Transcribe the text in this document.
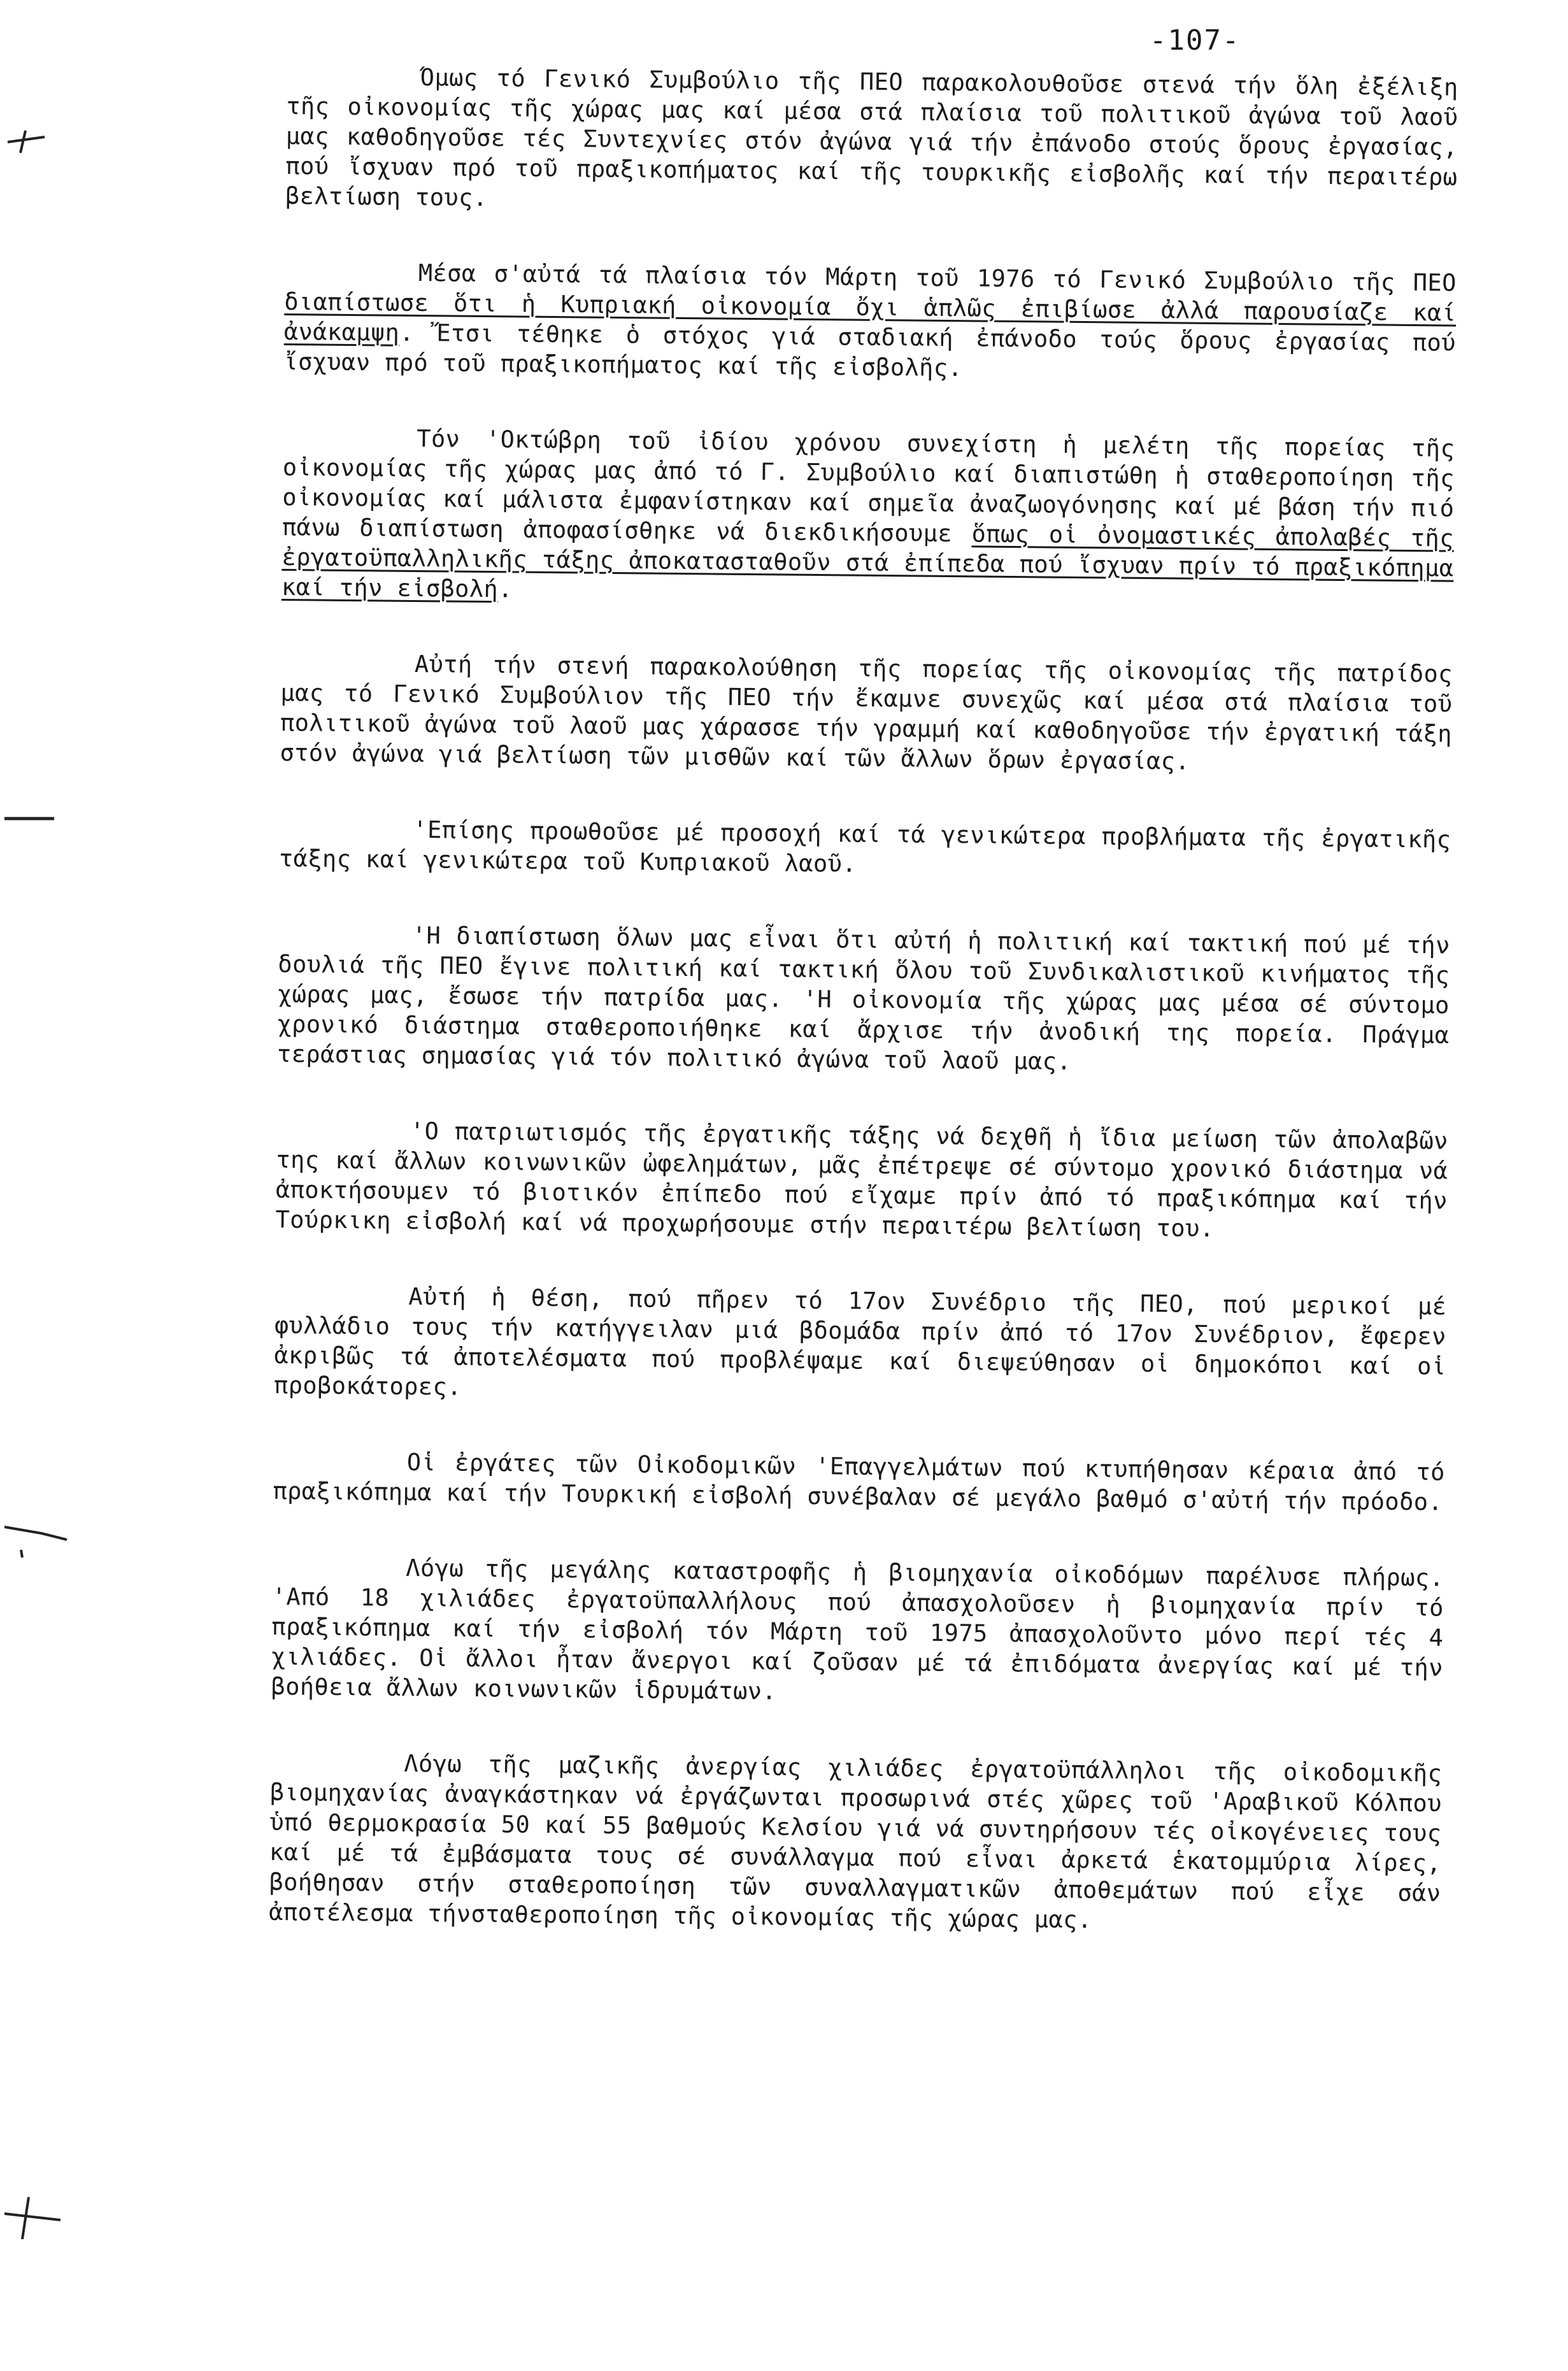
-107-

Όμως τό Γενικό Συμβούλιο τῆς ΠΕΟ παρακολουθοῦσε στενά τήν ὅλη ἐξέλιξη τῆς οἰκονομίας τῆς χώρας μας καί μέσα στά πλαίσια τοῦ πολιτικοῦ ἀγώνα τοῦ λαοῦ μας καθοδηγοῦσε τές Συντεχνίες στόν ἀγώνα γιά τήν ἐπάνοδο στούς ὅρους ἐργασίας, πού ἴσχυαν πρό τοῦ πραξικοπήματος καί τῆς τουρκικῆς εἰσβολῆς καί τήν περαιτέρω βελτίωση τους.

Μέσα σ'αὐτά τά πλαίσια τόν Μάρτη τοῦ 1976 τό Γενικό Συμβούλιο τῆς ΠΕΟ διαπίστωσε ὅτι ἡ Κυπριακή οἰκονομία ὄχι ἁπλῶς ἐπιβίωσε ἀλλά παρουσίαζε καί ἀνάκαμψη. Ἔτσι τέθηκε ὁ στόχος γιά σταδιακή ἐπάνοδο τούς ὅρους ἐργασίας πού ἴσχυαν πρό τοῦ πραξικοπήματος καί τῆς εἰσβολῆς.

Τόν 'Οκτώβρη τοῦ ἰδίου χρόνου συνεχίστη ἡ μελέτη τῆς πορείας τῆς οἰκονομίας τῆς χώρας μας ἀπό τό Γ. Συμβούλιο καί διαπιστώθη ἡ σταθεροποίηση τῆς οἰκονομίας καί μάλιστα ἐμφανίστηκαν καί σημεῖα ἀναζωογόνησης καί μέ βάση τήν πιό πάνω διαπίστωση ἀποφασίσθηκε νά διεκδικήσουμε ὅπως οἱ ὀνομαστικές ἀπολαβές τῆς ἐργατοϋπαλληλικῆς τάξης ἀποκατασταθοῦν στά ἐπίπεδα πού ἴσχυαν πρίν τό πραξικόπημα καί τήν εἰσβολή.

Αὐτή τήν στενή παρακολούθηση τῆς πορείας τῆς οἰκονομίας τῆς πατρίδος μας τό Γενικό Συμβούλιον τῆς ΠΕΟ τήν ἔκαμνε συνεχῶς καί μέσα στά πλαίσια τοῦ πολιτικοῦ ἀγώνα τοῦ λαοῦ μας χάρασσε τήν γραμμή καί καθοδηγοῦσε τήν ἐργατική τάξη στόν ἀγώνα γιά βελτίωση τῶν μισθῶν καί τῶν ἄλλων ὅρων ἐργασίας.

'Επίσης προωθοῦσε μέ προσοχή καί τά γενικώτερα προβλήματα τῆς ἐργατικῆς τάξης καί γενικώτερα τοῦ Κυπριακοῦ λαοῦ.

'Η διαπίστωση ὅλων μας εἶναι ὅτι αὐτή ἡ πολιτική καί τακτική πού μέ τήν δουλιά τῆς ΠΕΟ ἔγινε πολιτική καί τακτική ὅλου τοῦ Συνδικαλιστικοῦ κινήματος τῆς χώρας μας, ἔσωσε τήν πατρίδα μας. 'Η οἰκονομία τῆς χώρας μας μέσα σέ σύντομο χρονικό διάστημα σταθεροποιήθηκε καί ἄρχισε τήν ἀνοδική της πορεία. Πράγμα τεράστιας σημασίας γιά τόν πολιτικό ἀγώνα τοῦ λαοῦ μας.

'Ο πατριωτισμός τῆς ἐργατικῆς τάξης νά δεχθῆ ἡ ἴδια μείωση τῶν ἀπολαβῶν της καί ἄλλων κοινωνικῶν ὠφελημάτων, μᾶς ἐπέτρεψε σέ σύντομο χρονικό διάστημα νά ἀποκτήσουμεν τό βιοτικόν ἐπίπεδο πού εἴχαμε πρίν ἀπό τό πραξικόπημα καί τήν Τούρκικη εἰσβολή καί νά προχωρήσουμε στήν περαιτέρω βελτίωση του.

Αὐτή ἡ θέση, πού πῆρεν τό 17ον Συνέδριο τῆς ΠΕΟ, πού μερικοί μέ φυλλάδιο τους τήν κατήγγειλαν μιά βδομάδα πρίν ἀπό τό 17ον Συνέδριον, ἔφερεν ἀκριβῶς τά ἀποτελέσματα πού προβλέψαμε καί διεψεύθησαν οἱ δημοκόποι καί οἱ προβοκάτορες.

Οἱ ἐργάτες τῶν Οἰκοδομικῶν 'Επαγγελμάτων πού κτυπήθησαν κέραια ἀπό τό πραξικόπημα καί τήν Τουρκική εἰσβολή συνέβαλαν σέ μεγάλο βαθμό σ'αὐτή τήν πρόοδο.

Λόγω τῆς μεγάλης καταστροφῆς ἡ βιομηχανία οἰκοδόμων παρέλυσε πλήρως. 'Από 18 χιλιάδες ἐργατοϋπαλλήλους πού ἀπασχολοῦσεν ἡ βιομηχανία πρίν τό πραξικόπημα καί τήν εἰσβολή τόν Μάρτη τοῦ 1975 ἀπασχολοῦντο μόνο περί τές 4 χιλιάδες. Οἱ ἄλλοι ἦταν ἄνεργοι καί ζοῦσαν μέ τά ἐπιδόματα ἀνεργίας καί μέ τήν βοήθεια ἄλλων κοινωνικῶν ἱδρυμάτων.

Λόγω τῆς μαζικῆς ἀνεργίας χιλιάδες ἐργατοϋπάλληλοι τῆς οἰκοδομικῆς βιομηχανίας ἀναγκάστηκαν νά ἐργάζωνται προσωρινά στές χῶρες τοῦ 'Αραβικοῦ Κόλπου ὑπό θερμοκρασία 50 καί 55 βαθμούς Κελσίου γιά νά συντηρήσουν τές οἰκογένειες τους καί μέ τά ἐμβάσματα τους σέ συνάλλαγμα πού εἶναι ἀρκετά ἑκατομμύρια λίρες, βοήθησαν στήν σταθεροποίηση τῶν συναλλαγματικῶν ἀποθεμάτων πού εἶχε σάν ἀποτέλεσμα τήνσταθεροποίηση τῆς οἰκονομίας τῆς χώρας μας.
